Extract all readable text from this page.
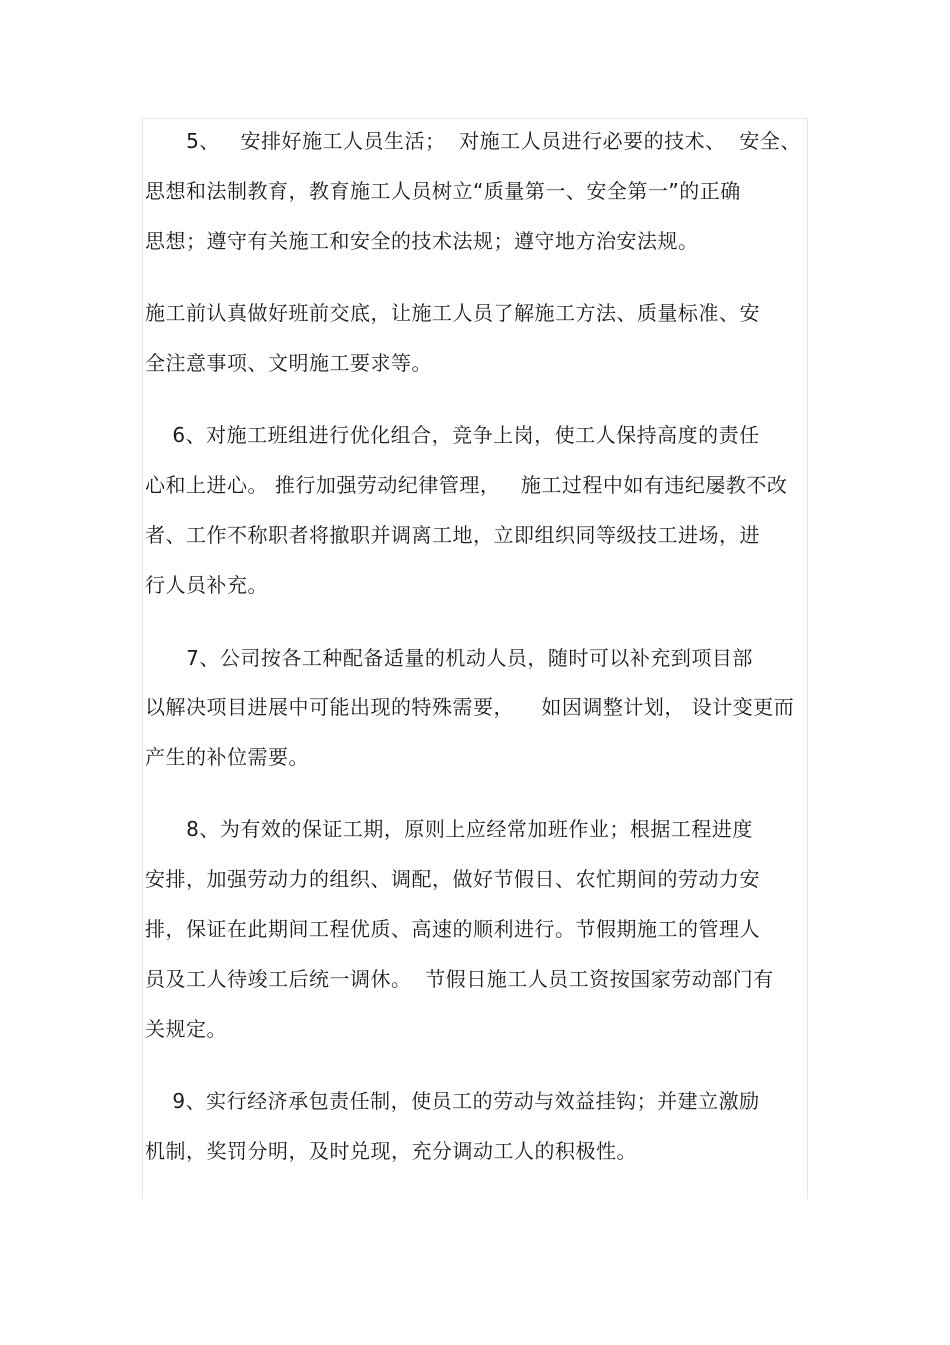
5、   安排好施工人员生活；  对施工人员进行必要的技术、  安全、
思想和法制教育，教育施工人员树立“质量第一、安全第一”的正确
思想；遵守有关施工和安全的技术法规；遵守地方治安法规。
施工前认真做好班前交底，让施工人员了解施工方法、质量标准、安
全注意事项、文明施工要求等。
6、对施工班组进行优化组合，竞争上岗，使工人保持高度的责任
心和上进心。 推行加强劳动纪律管理，   施工过程中如有违纪屡教不改
者、工作不称职者将撤职并调离工地，立即组织同等级技工进场，进
行人员补充。
7、公司按各工种配备适量的机动人员，随时可以补充到项目部
以解决项目进展中可能出现的特殊需要，    如因调整计划， 设计变更而
产生的补位需要。
8、为有效的保证工期，原则上应经常加班作业；根据工程进度
安排，加强劳动力的组织、调配，做好节假日、农忙期间的劳动力安
排，保证在此期间工程优质、高速的顺利进行。节假期施工的管理人
员及工人待竣工后统一调休。  节假日施工人员工资按国家劳动部门有
关规定。
9、实行经济承包责任制，使员工的劳动与效益挂钩；并建立激励
机制，奖罚分明，及时兑现，充分调动工人的积极性。
